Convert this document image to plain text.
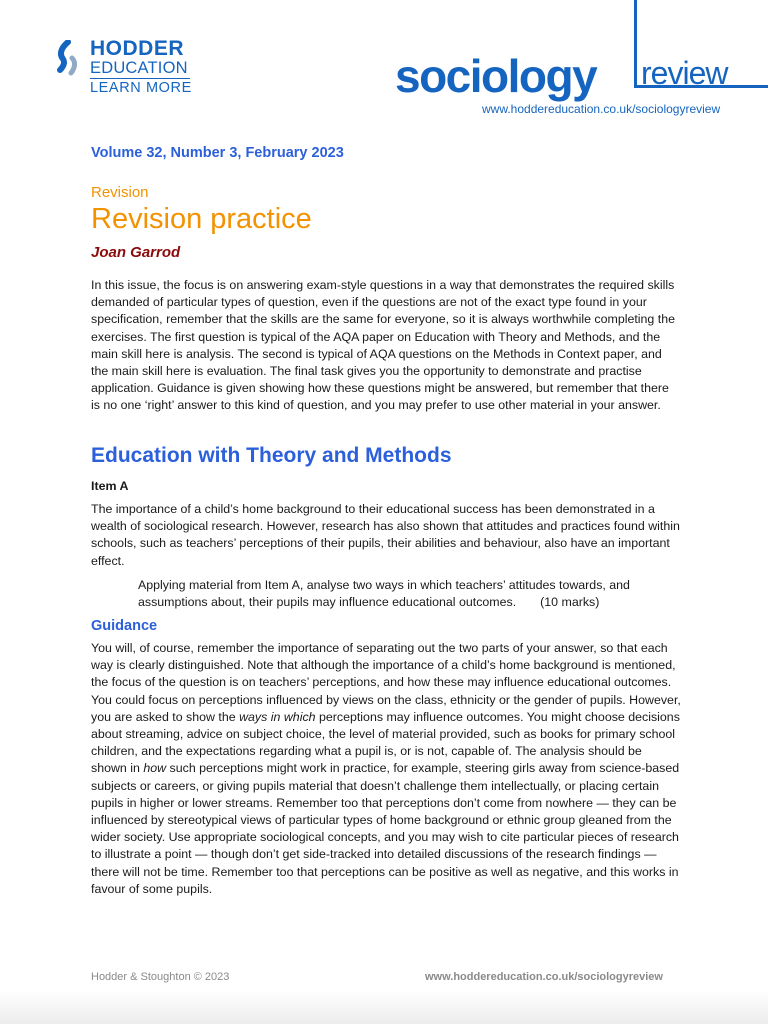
HODDER
EDUCATION
LEARN MORE	sociology review
www.hoddereducation.co.uk/sociologyreview
Volume 32, Number 3, February 2023
Revision
Revision practice
Joan Garrod

In this issue, the focus is on answering exam-style questions in a way that demonstrates the required skills demanded of particular types of question, even if the questions are not of the exact type found in your specification, remember that the skills are the same for everyone, so it is always worthwhile completing the exercises. The first question is typical of the AQA paper on Education with Theory and Methods, and the main skill here is analysis. The second is typical of AQA questions on the Methods in Context paper, and the main skill here is evaluation. The final task gives you the opportunity to demonstrate and practise application. Guidance is given showing how these questions might be answered, but remember that there is no one ‘right’ answer to this kind of question, and you may prefer to use other material in your answer.

Education with Theory and Methods
Item A

The importance of a child’s home background to their educational success has been demonstrated in a wealth of sociological research. However, research has also shown that attitudes and practices found within schools, such as teachers’ perceptions of their pupils, their abilities and behaviour, also have an important effect.

Applying material from Item A, analyse two ways in which teachers’ attitudes towards, and assumptions about, their pupils may influence educational outcomes. (10 marks)

Guidance

You will, of course, remember the importance of separating out the two parts of your answer, so that each way is clearly distinguished. Note that although the importance of a child’s home background is mentioned, the focus of the question is on teachers’ perceptions, and how these may influence educational outcomes. You could focus on perceptions influenced by views on the class, ethnicity or the gender of pupils. However, you are asked to show the ways in which perceptions may influence outcomes. You might choose decisions about streaming, advice on subject choice, the level of material provided, such as books for primary school children, and the expectations regarding what a pupil is, or is not, capable of. The analysis should be shown in how such perceptions might work in practice, for example, steering girls away from science-based subjects or careers, or giving pupils material that doesn’t challenge them intellectually, or placing certain pupils in higher or lower streams. Remember too that perceptions don’t come from nowhere — they can be influenced by stereotypical views of particular types of home background or ethnic group gleaned from the wider society. Use appropriate sociological concepts, and you may wish to cite particular pieces of research to illustrate a point — though don’t get side-tracked into detailed discussions of the research findings — there will not be time. Remember too that perceptions can be positive as well as negative, and this works in favour of some pupils.

Hodder & Stoughton © 2023	www.hoddereducation.co.uk/sociologyreview
